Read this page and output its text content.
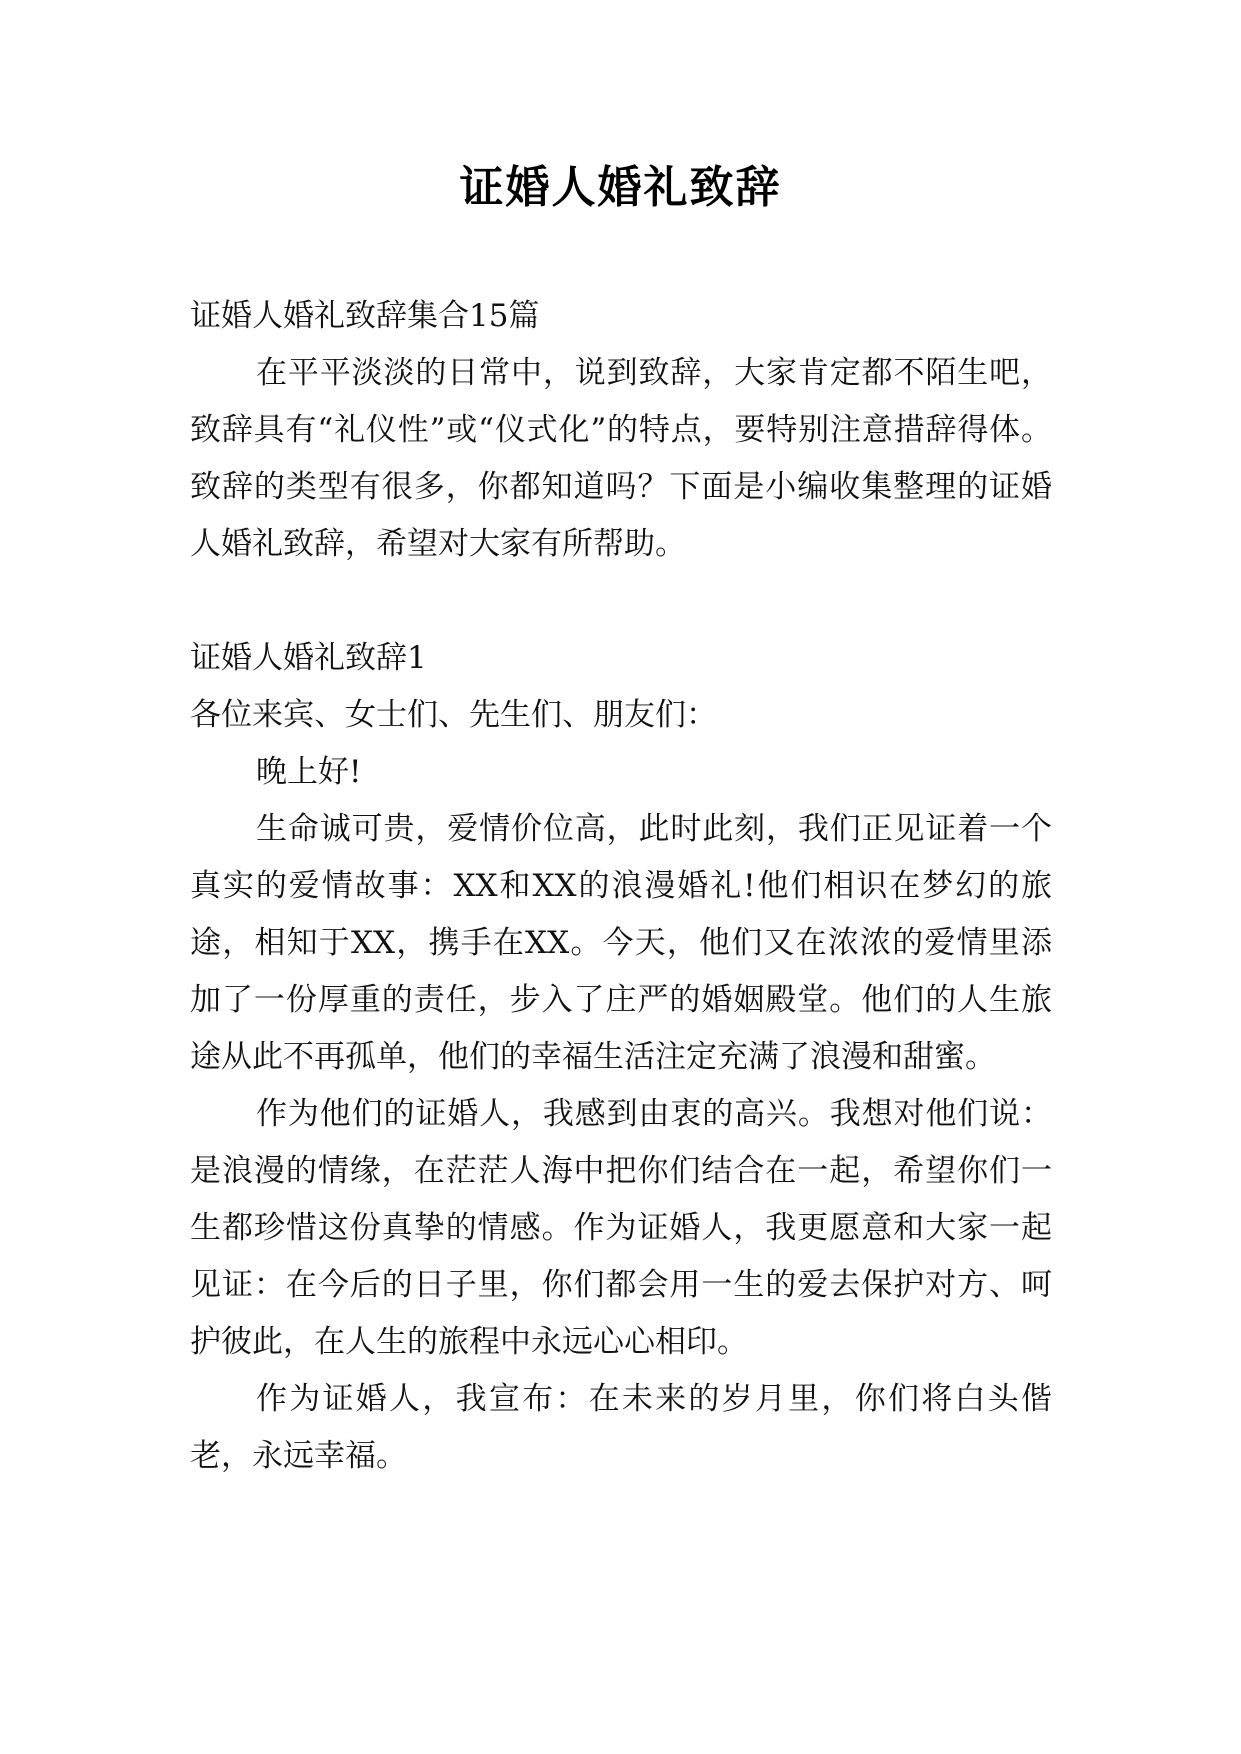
证婚人婚礼致辞

证婚人婚礼致辞集合15篇

在平平淡淡的日常中，说到致辞，大家肯定都不陌生吧，致辞具有“礼仪性”或“仪式化”的特点，要特别注意措辞得体。致辞的类型有很多，你都知道吗？下面是小编收集整理的证婚人婚礼致辞，希望对大家有所帮助。

证婚人婚礼致辞1

各位来宾、女士们、先生们、朋友们：

晚上好!

生命诚可贵，爱情价位高，此时此刻，我们正见证着一个真实的爱情故事：XX和XX的浪漫婚礼!他们相识在梦幻的旅途，相知于XX，携手在XX。今天，他们又在浓浓的爱情里添加了一份厚重的责任，步入了庄严的婚姻殿堂。他们的人生旅途从此不再孤单，他们的幸福生活注定充满了浪漫和甜蜜。

作为他们的证婚人，我感到由衷的高兴。我想对他们说：是浪漫的情缘，在茫茫人海中把你们结合在一起，希望你们一生都珍惜这份真挚的情感。作为证婚人，我更愿意和大家一起见证：在今后的日子里，你们都会用一生的爱去保护对方、呵护彼此，在人生的旅程中永远心心相印。

作为证婚人，我宣布：在未来的岁月里，你们将白头偕老，永远幸福。
